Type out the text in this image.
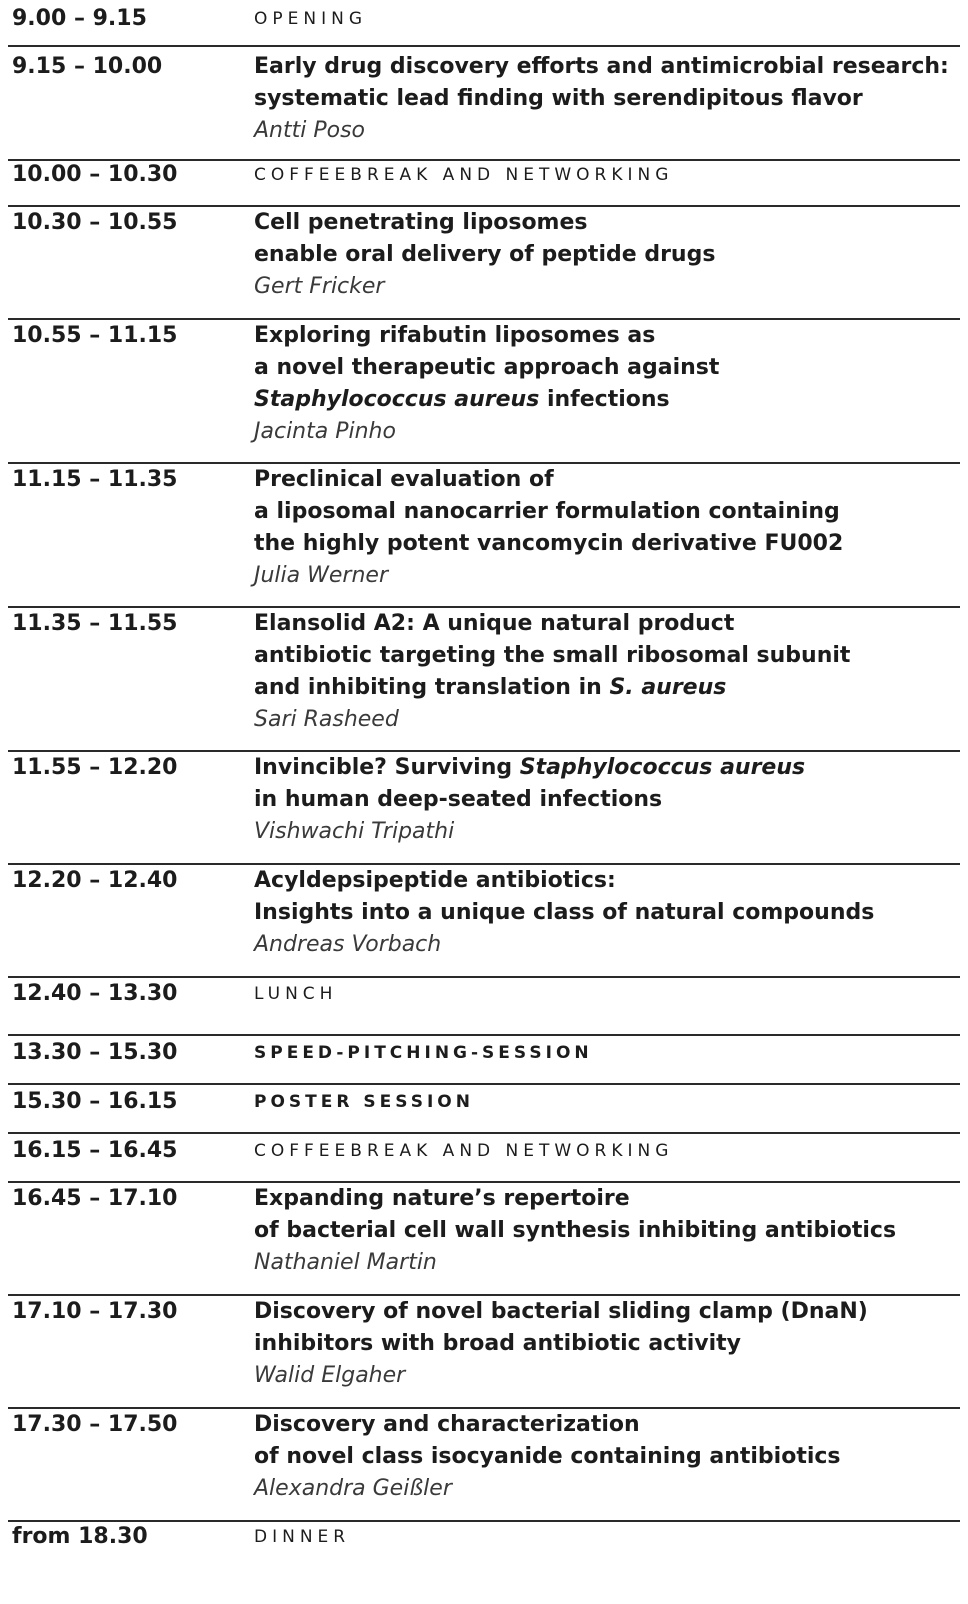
9.00 – 9.15	OPENING

9.15 – 10.00	Early drug discovery efforts and antimicrobial research:

systematic lead finding with serendipitous flavor

Antti Poso

10.00 – 10.30	COFFEEBREAK AND NETWORKING

10.30 – 10.55	Cell penetrating liposomes

enable oral delivery of peptide drugs

Gert Fricker

10.55 – 11.15	Exploring rifabutin liposomes as

a novel therapeutic approach against

Staphylococcus aureus infections

Jacinta Pinho

11.15 – 11.35	Preclinical evaluation of

a liposomal nanocarrier formulation containing

the highly potent vancomycin derivative FU002

Julia Werner

11.35 – 11.55	Elansolid A2: A unique natural product

antibiotic targeting the small ribosomal subunit

and inhibiting translation in S. aureus

Sari Rasheed

11.55 – 12.20	Invincible? Surviving Staphylococcus aureus

in human deep-seated infections

Vishwachi Tripathi

12.20 – 12.40	Acyldepsipeptide antibiotics:

Insights into a unique class of natural compounds

Andreas Vorbach

12.40 – 13.30	LUNCH

13.30 – 15.30	SPEED-PITCHING-SESSION

15.30 – 16.15	POSTER SESSION

16.15 – 16.45	COFFEEBREAK AND NETWORKING

16.45 – 17.10	Expanding nature’s repertoire

of bacterial cell wall synthesis inhibiting antibiotics

Nathaniel Martin

17.10 – 17.30	Discovery of novel bacterial sliding clamp (DnaN)

inhibitors with broad antibiotic activity

Walid Elgaher

17.30 – 17.50	Discovery and characterization

of novel class isocyanide containing antibiotics

Alexandra Geißler

from 18.30	DINNER
